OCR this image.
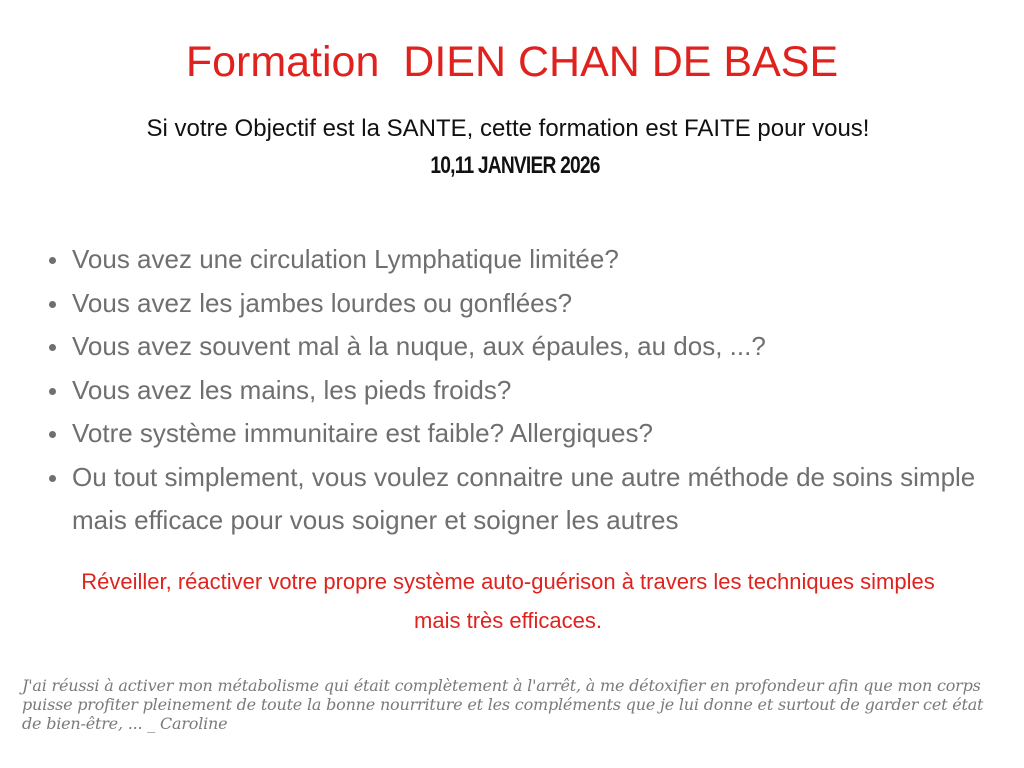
Formation  DIEN CHAN DE BASE

Si votre Objectif est la SANTE, cette formation est FAITE pour vous!

10,11 JANVIER 2026

Vous avez une circulation Lymphatique limitée?
Vous avez les jambes lourdes ou gonflées?
Vous avez souvent mal à la nuque, aux épaules, au dos, ...?
Vous avez les mains, les pieds froids?
Votre système immunitaire est faible? Allergiques?
Ou tout simplement, vous voulez connaitre une autre méthode de soins simple mais efficace pour vous soigner et soigner les autres

Réveiller, réactiver votre propre système auto-guérison à travers les techniques simples mais très efficaces.

J'ai réussi à activer mon métabolisme qui était complètement à l'arrêt, à me détoxifier en profondeur afin que mon corps puisse profiter pleinement de toute la bonne nourriture et les compléments que je lui donne et surtout de garder cet état de bien-être, ... _ Caroline
